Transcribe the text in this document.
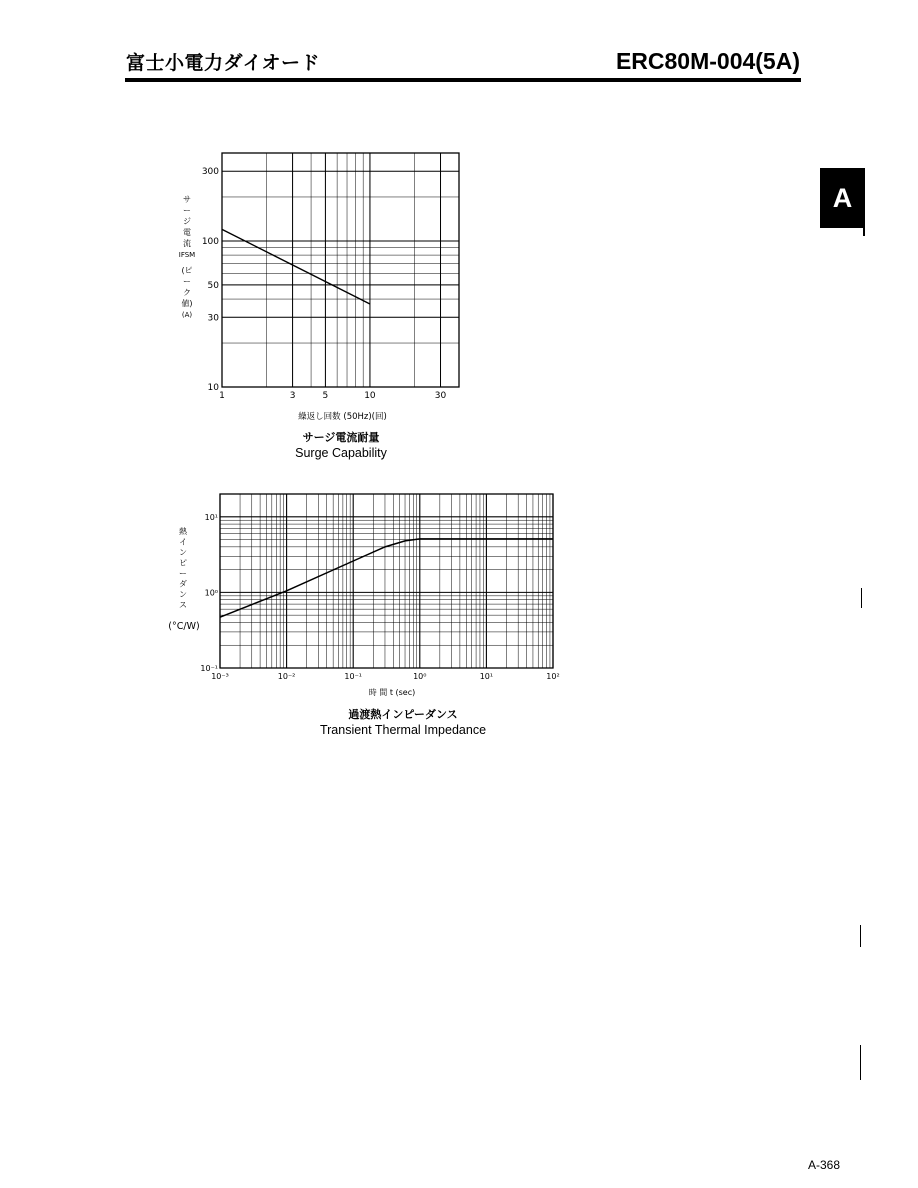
富士小電力ダイオード	ERC80M-004(5A)
A
1	3	5	10	30
10
30
50
100
300
サ
ー
ジ
電
流
IFSM
(ピ
ー
ク
値)
(A)
繰返し回数 (50Hz)(回)
サージ電流耐量
Surge Capability
10⁻³	10⁻²	10⁻¹	10⁰	10¹	10²
10⁻¹
10⁰
10¹
熱
イ
ン
ピ
ー
ダ
ン
ス
(°C/W)
時 間 t (sec)
過渡熱インピーダンス
Transient Thermal Impedance
A-368
